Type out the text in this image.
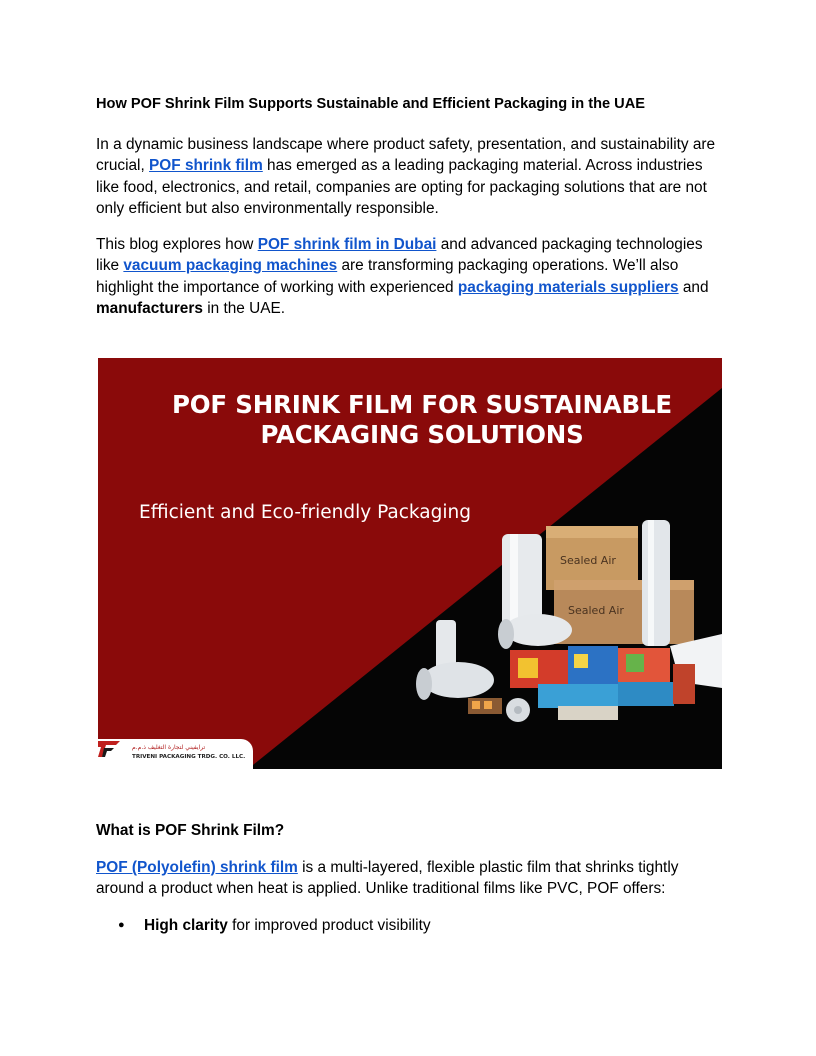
How POF Shrink Film Supports Sustainable and Efficient Packaging in the UAE

In a dynamic business landscape where product safety, presentation, and sustainability are crucial, POF shrink film has emerged as a leading packaging material. Across industries like food, electronics, and retail, companies are opting for packaging solutions that are not only efficient but also environmentally responsible.

This blog explores how POF shrink film in Dubai and advanced packaging technologies like vacuum packaging machines are transforming packaging operations. We’ll also highlight the importance of working with experienced packaging materials suppliers and manufacturers in the UAE.

What is POF Shrink Film?

POF (Polyolefin) shrink film is a multi-layered, flexible plastic film that shrinks tightly around a product when heat is applied. Unlike traditional films like PVC, POF offers:

● High clarity for improved product visibility
Sealed Air
Sealed Air
POF SHRINK FILM FOR SUSTAINABLE
PACKAGING SOLUTIONS
Efficient and Eco-friendly Packaging
ترايفيني لتجارة التغليف ذ.م.م
TRIVENI PACKAGING TRDG. CO. LLC.
